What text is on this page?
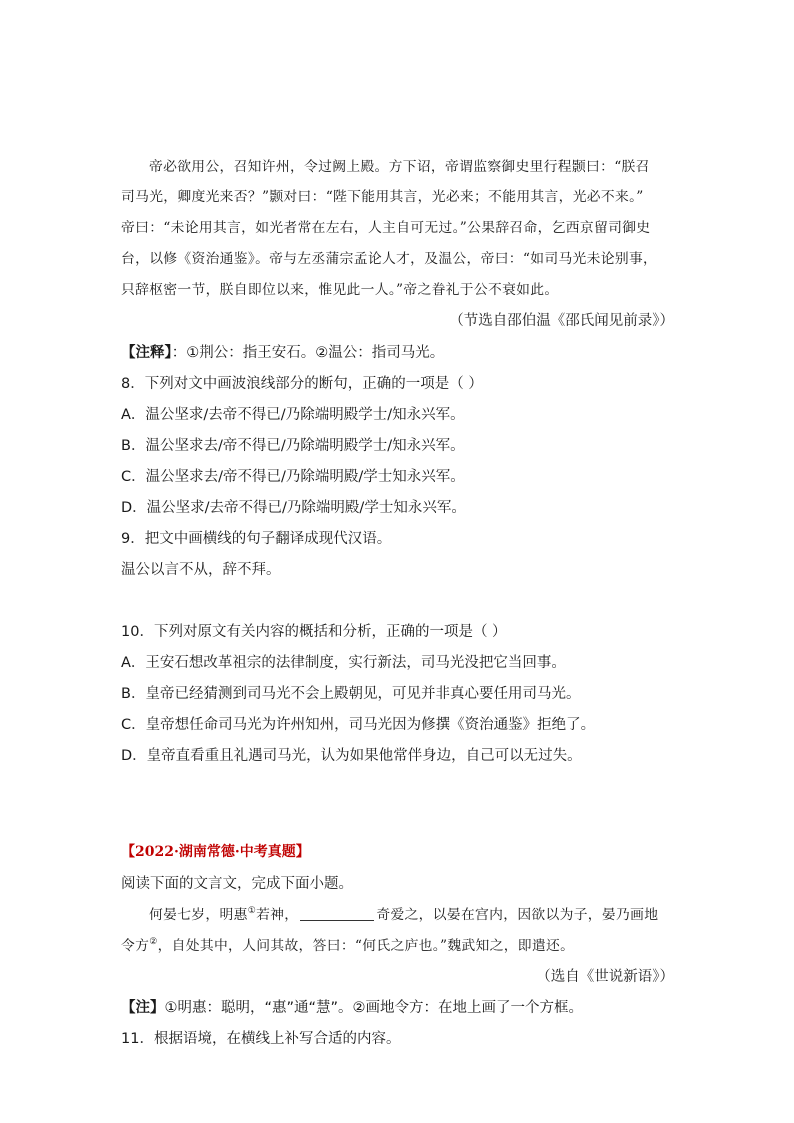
帝必欲用公，召知许州，令过阙上殿。方下诏，帝谓监察御史里行程颢曰：“朕召
司马光，卿度光来否？”颢对曰：“陛下能用其言，光必来；不能用其言，光必不来。”
帝曰：“未论用其言，如光者常在左右，人主自可无过。”公果辞召命，乞西京留司御史
台，以修《资治通鉴》。帝与左丞蒲宗孟论人才，及温公，帝曰：“如司马光未论别事，
只辞枢密一节，朕自即位以来，惟见此一人。”帝之眷礼于公不衰如此。
（节选自邵伯温《邵氏闻见前录》）
【注释】：①荆公：指王安石。②温公：指司马光。
8．下列对文中画波浪线部分的断句，正确的一项是（ ）
A．温公坚求/去帝不得已/乃除端明殿学士/知永兴军。
B．温公坚求去/帝不得已/乃除端明殿学士/知永兴军。
C．温公坚求去/帝不得已/乃除端明殿/学士知永兴军。
D．温公坚求/去帝不得已/乃除端明殿/学士知永兴军。
9．把文中画横线的句子翻译成现代汉语。
温公以言不从，辞不拜。
10．下列对原文有关内容的概括和分析，正确的一项是（ ）
A．王安石想改革祖宗的法律制度，实行新法，司马光没把它当回事。
B．皇帝已经猜测到司马光不会上殿朝见，可见并非真心要任用司马光。
C．皇帝想任命司马光为许州知州，司马光因为修撰《资治通鉴》拒绝了。
D．皇帝直看重且礼遇司马光，认为如果他常伴身边，自己可以无过失。
【2022·湖南常德·中考真题】
阅读下面的文言文，完成下面小题。
何晏七岁，明惠①若神，	奇爱之，以晏在宫内，因欲以为子，晏乃画地
令方②，自处其中，人问其故，答曰：“何氏之庐也。”魏武知之，即遣还。
（选自《世说新语》）
【注】①明惠：聪明，“惠”通“慧”。②画地令方：在地上画了一个方框。
11．根据语境，在横线上补写合适的内容。
